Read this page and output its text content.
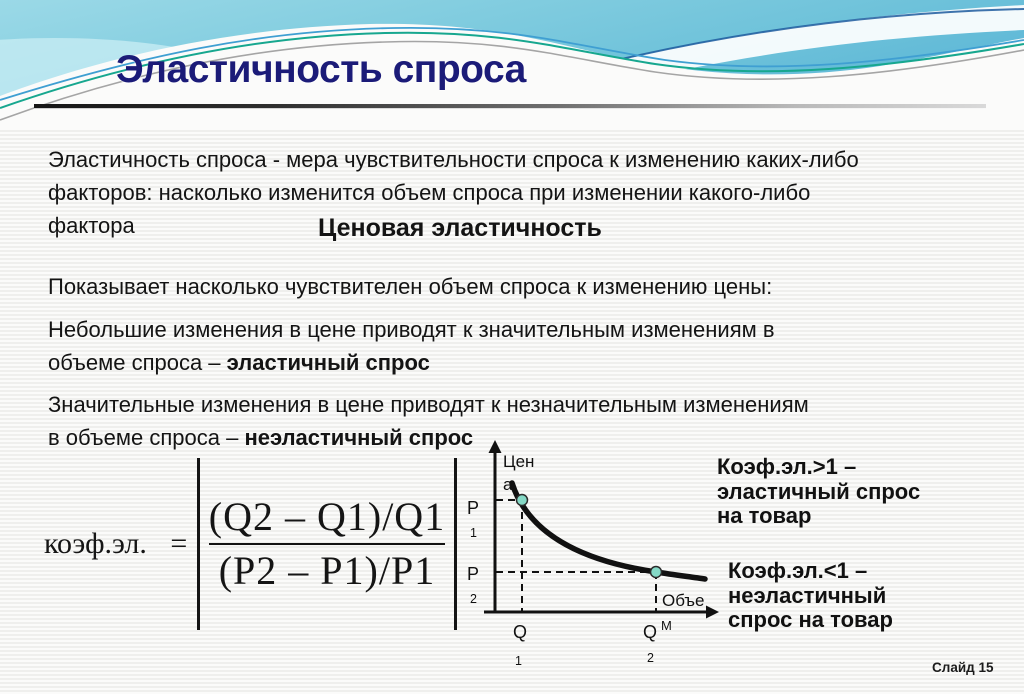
Эластичность спроса
Эластичность спроса - мера чувствительности спроса к изменению каких-либо
факторов: насколько изменится объем спроса при изменении какого-либо
фактора	Ценовая эластичность
Показывает насколько чувствителен объем спроса к изменению цены:
Небольшие изменения в цене приводят к значительным изменениям в
объеме спроса – эластичный спрос
Значительные изменения в цене приводят к незначительным изменениям
в объеме спроса – неэластичный спрос
коэф.эл. = $\frac{(Q2 - Q1)/Q1}{(P2 - P1)/P1}$
Цен
а
Объе
М
P
1
P
2
Q
1
Q
2
Коэф.эл.>1 –
эластичный спрос
на товар
Коэф.эл.<1 –
неэластичный
спрос на товар
Слайд 15
